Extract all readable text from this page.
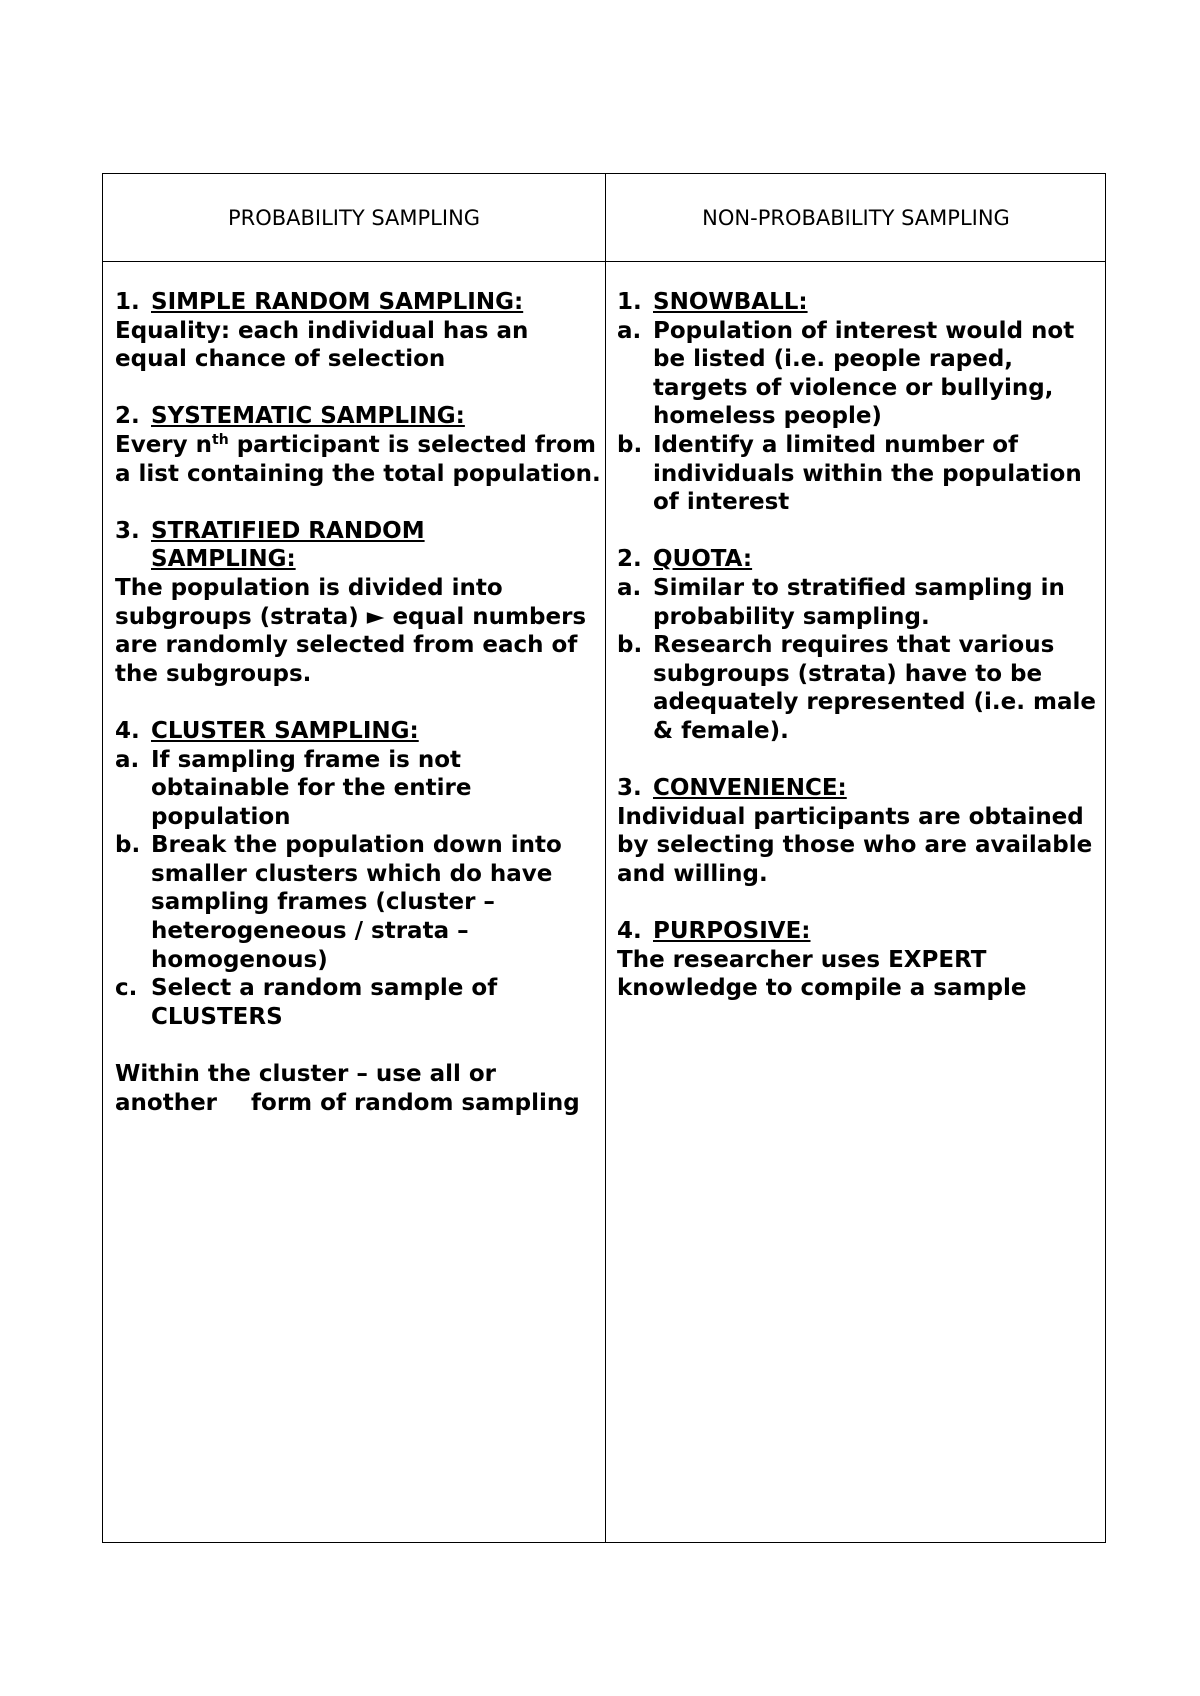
PROBABILITY SAMPLING	NON-PROBABILITY SAMPLING
1. SIMPLE RANDOM SAMPLING:
Equality: each individual has an equal chance of selection
2. SYSTEMATIC SAMPLING:
Every $n^{th}$ participant is selected from a list containing the total population.
3. STRATIFIED RANDOM
SAMPLING:
The population is divided into subgroups (strata) ► equal numbers are randomly selected from each of the subgroups.
4. CLUSTER SAMPLING:
a. If sampling frame is not obtainable for the entire population
b. Break the population down into smaller clusters which do have sampling frames (cluster – heterogeneous / strata – homogenous)
c. Select a random sample of CLUSTERS
Within the cluster – use all or another form of random sampling
1. SNOWBALL:
a. Population of interest would not be listed (i.e. people raped, targets of violence or bullying, homeless people)
b. Identify a limited number of individuals within the population of interest
2. QUOTA:
a. Similar to stratified sampling in probability sampling.
b. Research requires that various subgroups (strata) have to be adequately represented (i.e. male & female).
3. CONVENIENCE:
Individual participants are obtained by selecting those who are available and willing.
4. PURPOSIVE:
The researcher uses EXPERT knowledge to compile a sample
